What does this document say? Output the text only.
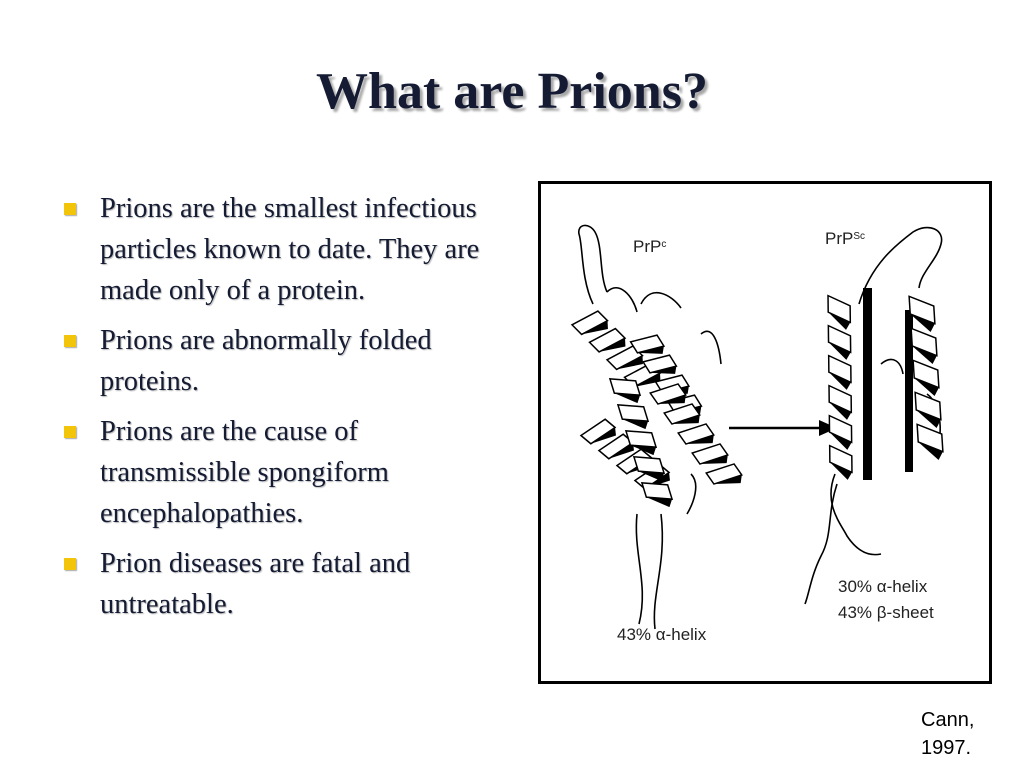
What are Prions?
Prions are the smallest infectious particles known to date. They are made only of a protein.
Prions are abnormally folded proteins.
Prions are the cause of transmissible spongiform encephalopathies.
Prion diseases are fatal and untreatable.
PrP$^c$	PrP$^{Sc}$
43% α-helix
30% α-helix
43% β-sheet
Cann,
1997.
